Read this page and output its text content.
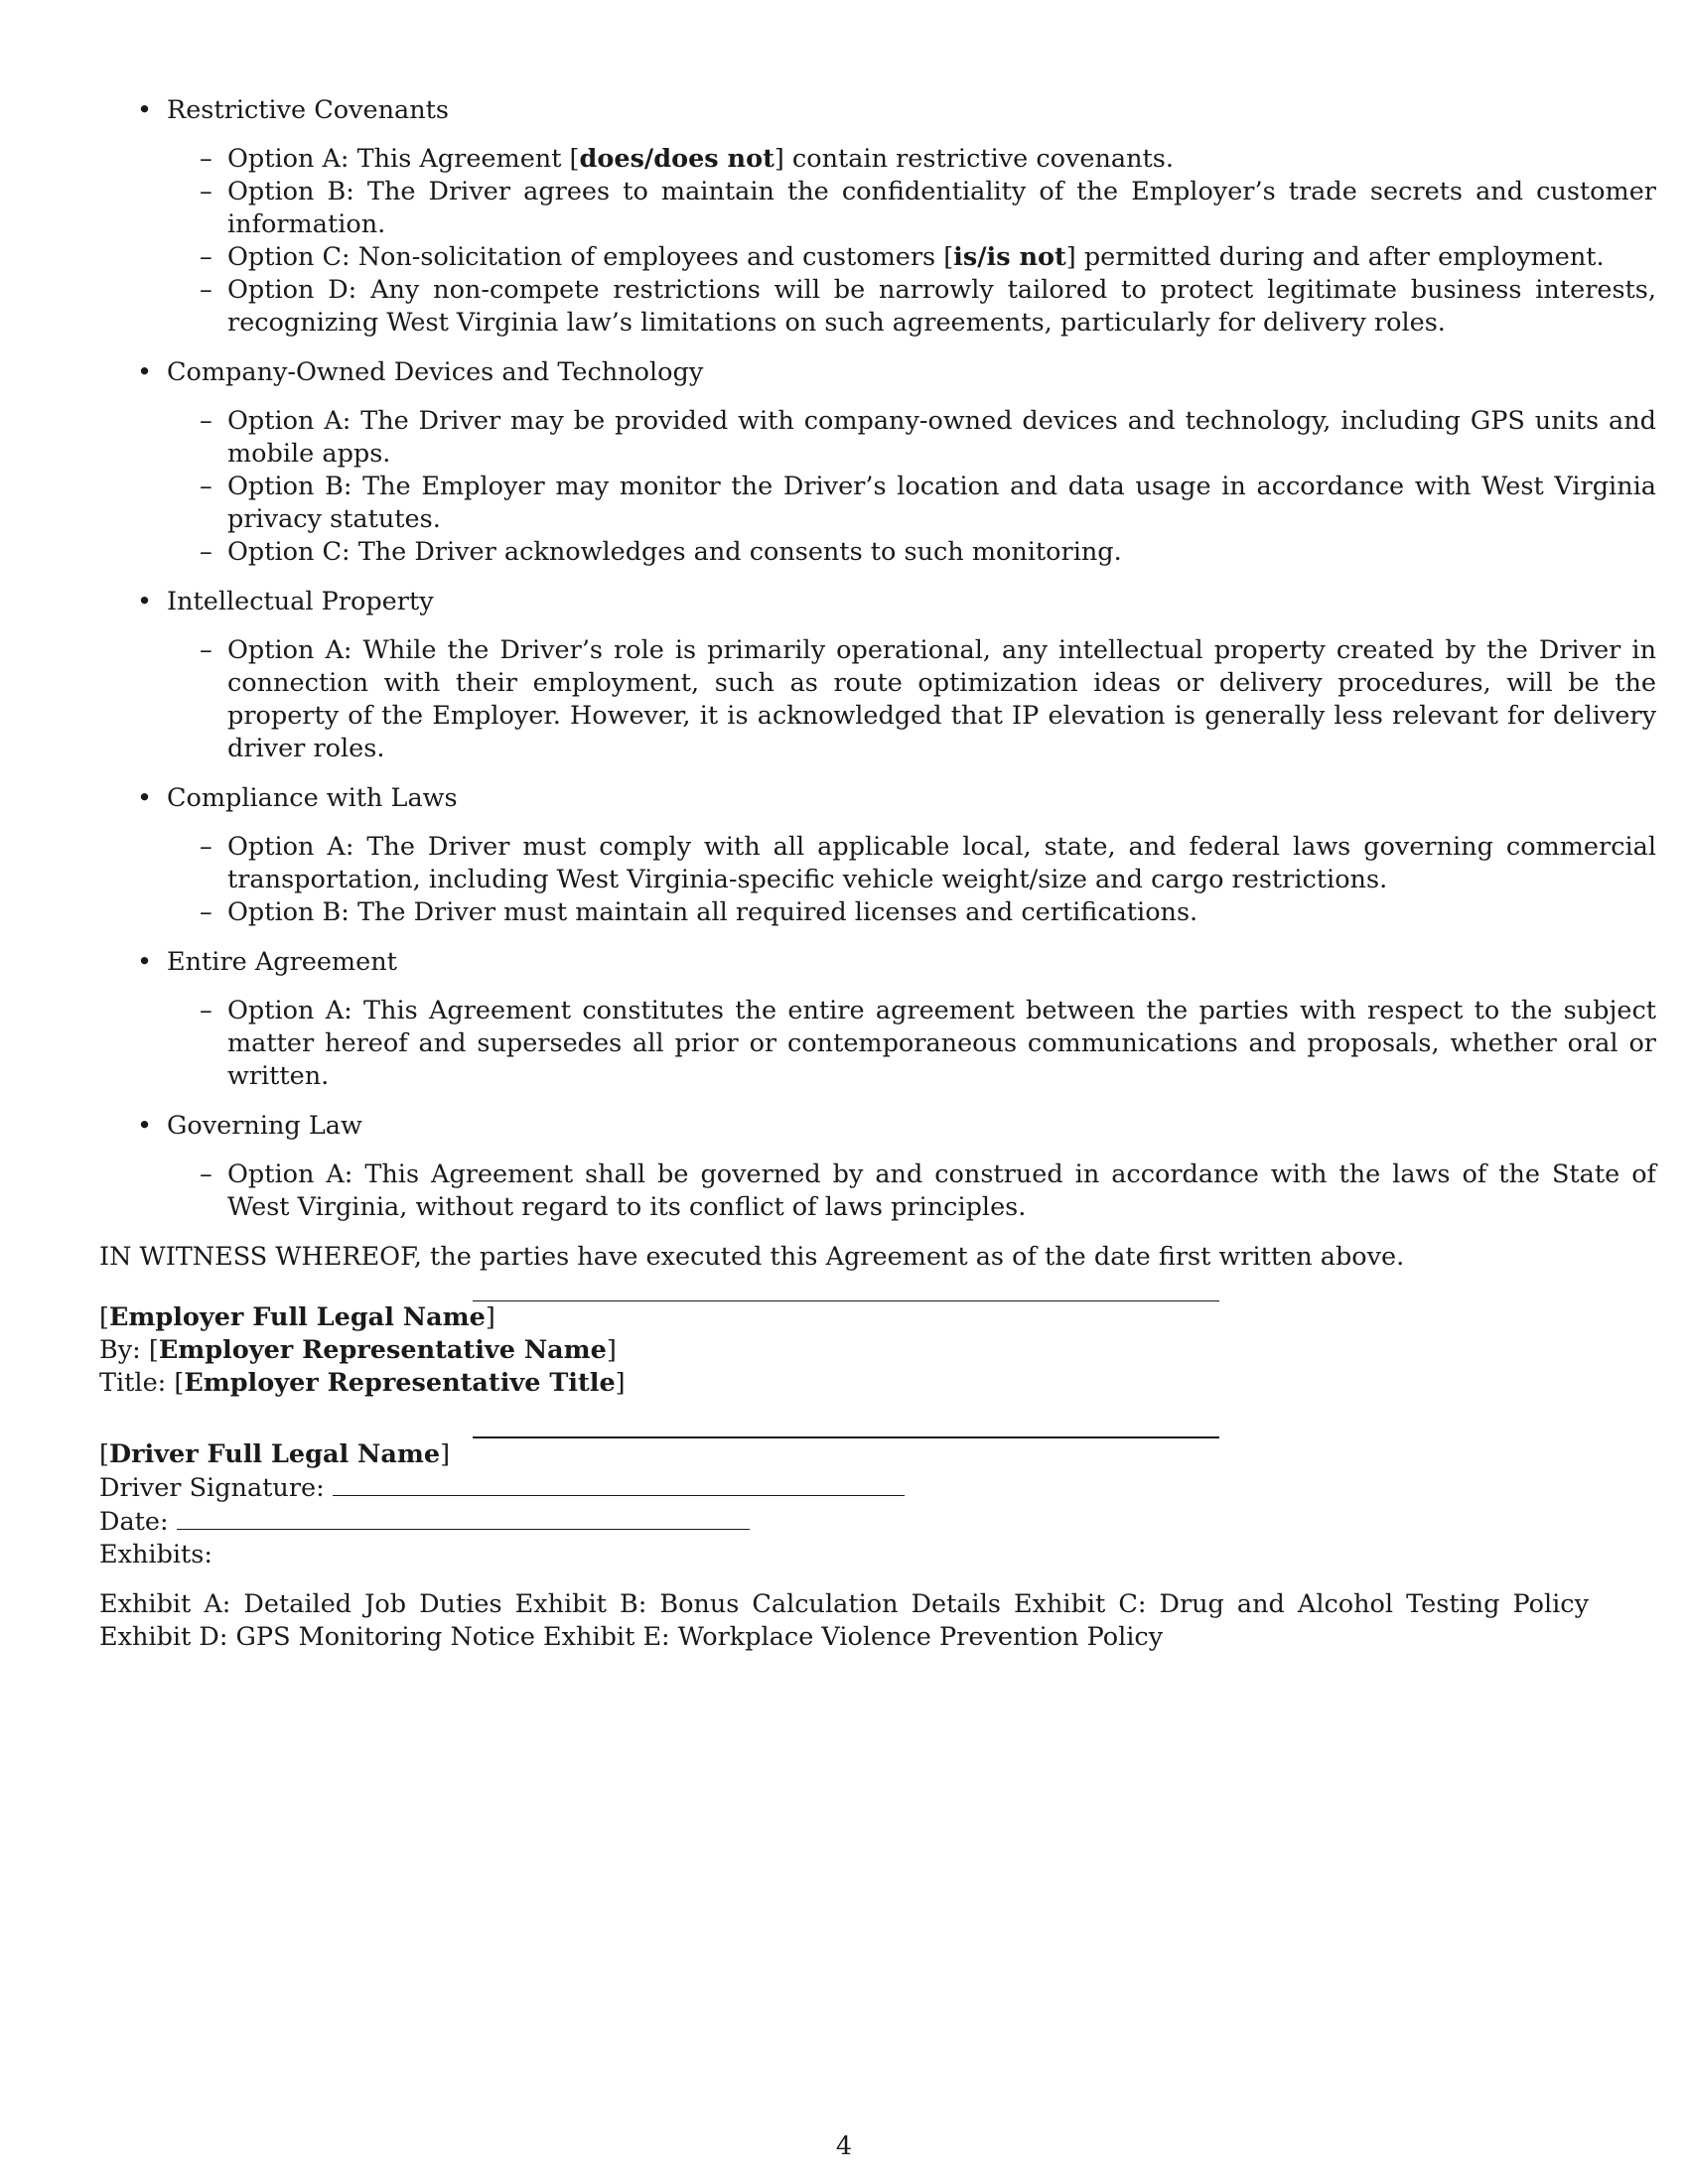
• Restrictive Covenants
– Option A: This Agreement [does/does not] contain restrictive covenants.
– Option B: The Driver agrees to maintain the confidentiality of the Employer’s trade secrets and customer information.
– Option C: Non-solicitation of employees and customers [is/is not] permitted during and after employment.
– Option D: Any non-compete restrictions will be narrowly tailored to protect legitimate business interests, recognizing West Virginia law’s limitations on such agreements, particularly for delivery roles.
• Company-Owned Devices and Technology
– Option A: The Driver may be provided with company-owned devices and technology, including GPS units and mobile apps.
– Option B: The Employer may monitor the Driver’s location and data usage in accordance with West Virginia privacy statutes.
– Option C: The Driver acknowledges and consents to such monitoring.
• Intellectual Property
– Option A: While the Driver’s role is primarily operational, any intellectual property created by the Driver in connection with their employment, such as route optimization ideas or delivery procedures, will be the property of the Employer. However, it is acknowledged that IP elevation is generally less relevant for delivery driver roles.
• Compliance with Laws
– Option A: The Driver must comply with all applicable local, state, and federal laws governing commercial transportation, including West Virginia-specific vehicle weight/size and cargo restrictions.
– Option B: The Driver must maintain all required licenses and certifications.
• Entire Agreement
– Option A: This Agreement constitutes the entire agreement between the parties with respect to the subject matter hereof and supersedes all prior or contemporaneous communications and proposals, whether oral or written.
• Governing Law
– Option A: This Agreement shall be governed by and construed in accordance with the laws of the State of West Virginia, without regard to its conflict of laws principles.

IN WITNESS WHEREOF, the parties have executed this Agreement as of the date first written above.

[Employer Full Legal Name]

By: [Employer Representative Name]

Title: [Employer Representative Title]

[Driver Full Legal Name]

Driver Signature:

Date:

Exhibits:

Exhibit A: Detailed Job Duties Exhibit B: Bonus Calculation Details Exhibit C: Drug and Alcohol Testing Policy Exhibit D: GPS Monitoring Notice Exhibit E: Workplace Violence Prevention Policy

4
